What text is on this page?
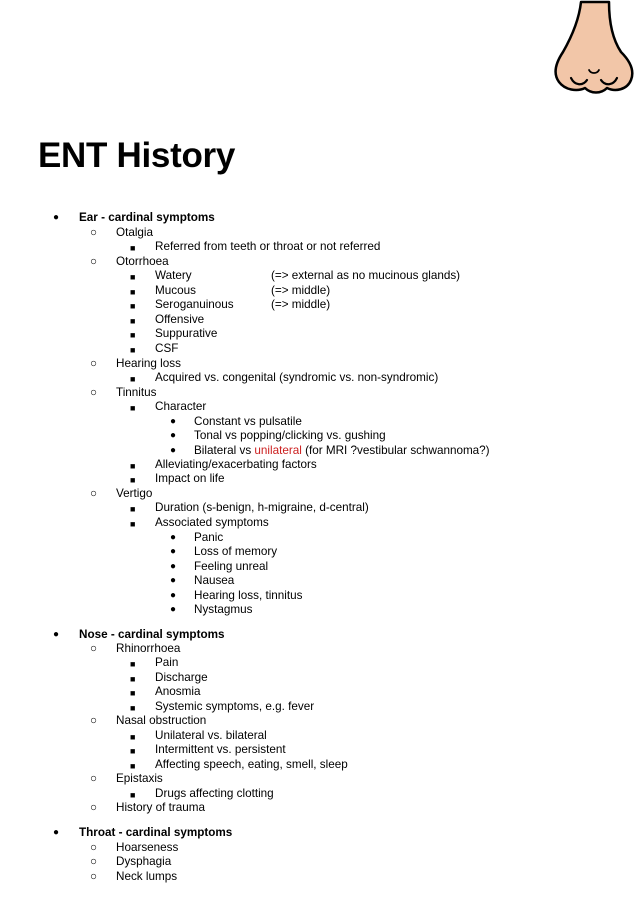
ENT History
● Ear - cardinal symptoms
○ Otalgia
■ Referred from teeth or throat or not referred
○ Otorrhoea
■ Watery	(=> external as no mucinous glands)
■ Mucous	(=> middle)
■ Seroganuinous	(=> middle)
■ Offensive
■ Suppurative
■ CSF
○ Hearing loss
■ Acquired vs. congenital (syndromic vs. non-syndromic)
○ Tinnitus
■ Character
● Constant vs pulsatile
● Tonal vs popping/clicking vs. gushing
● Bilateral vs unilateral (for MRI ?vestibular schwannoma?)
■ Alleviating/exacerbating factors
■ Impact on life
○ Vertigo
■ Duration (s-benign, h-migraine, d-central)
■ Associated symptoms
● Panic
● Loss of memory
● Feeling unreal
● Nausea
● Hearing loss, tinnitus
● Nystagmus
● Nose - cardinal symptoms
○ Rhinorrhoea
■ Pain
■ Discharge
■ Anosmia
■ Systemic symptoms, e.g. fever
○ Nasal obstruction
■ Unilateral vs. bilateral
■ Intermittent vs. persistent
■ Affecting speech, eating, smell, sleep
○ Epistaxis
■ Drugs affecting clotting
○ History of trauma
● Throat - cardinal symptoms
○ Hoarseness
○ Dysphagia
○ Neck lumps
